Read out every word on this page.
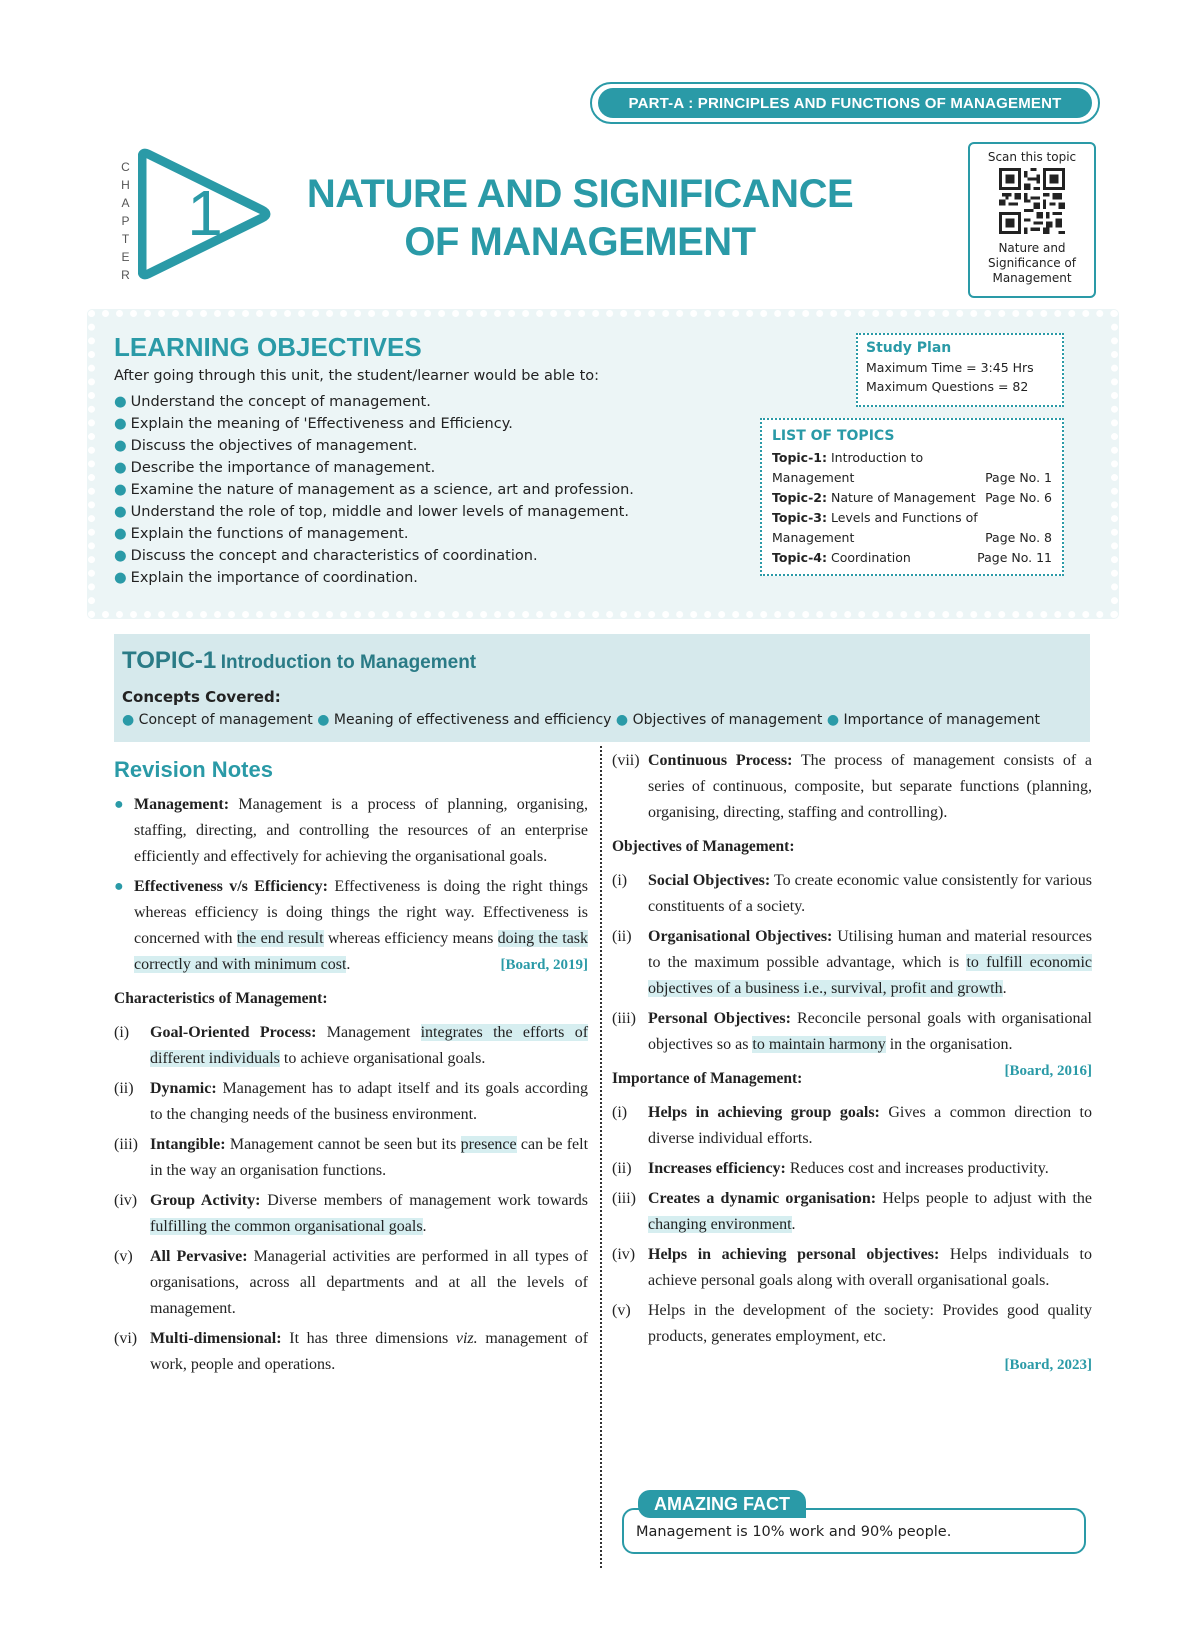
PART-A : PRINCIPLES AND FUNCTIONS OF MANAGEMENT
C
H
A
P
T
E
R
1	NATURE AND SIGNIFICANCE
OF MANAGEMENT
Scan this topic
Nature and
Significance of
Management
LEARNING OBJECTIVES
After going through this unit, the student/learner would be able to:
● Understand the concept of management.
● Explain the meaning of 'Effectiveness and Efficiency.
● Discuss the objectives of management.
● Describe the importance of management.
● Examine the nature of management as a science, art and profession.
● Understand the role of top, middle and lower levels of management.
● Explain the functions of management.
● Discuss the concept and characteristics of coordination.
● Explain the importance of coordination.
Study Plan
Maximum Time = 3:45 Hrs
Maximum Questions = 82
LIST OF TOPICS
Topic-1: Introduction to
Management	Page No. 1
Topic-2: Nature of Management Page No. 6
Topic-3: Levels and Functions of
Management	Page No. 8
Topic-4: Coordination	Page No. 11
TOPIC-1 Introduction to Management
Concepts Covered:
● Concept of management ● Meaning of effectiveness and efficiency ● Objectives of management ● Importance of management
Revision Notes
● Management: Management is a process of planning, organising, staffing, directing, and controlling the resources of an enterprise efficiently and effectively for achieving the organisational goals.
● Effectiveness v/s Efficiency: Effectiveness is doing the right things whereas efficiency is doing things the right way. Effectiveness is concerned with the end result whereas efficiency means doing the task correctly and with minimum cost.	[Board, 2019]
Characteristics of Management:
(i) Goal-Oriented Process: Management integrates the efforts of different individuals to achieve organisational goals.
(ii) Dynamic: Management has to adapt itself and its goals according to the changing needs of the business environment.
(iii) Intangible: Management cannot be seen but its presence can be felt in the way an organisation functions.
(iv) Group Activity: Diverse members of management work towards fulfilling the common organisational goals.
(v) All Pervasive: Managerial activities are performed in all types of organisations, across all departments and at all the levels of management.
(vi) Multi-dimensional: It has three dimensions viz. management of work, people and operations.
(vii) Continuous Process: The process of management consists of a series of continuous, composite, but separate functions (planning, organising, directing, staffing and controlling).
Objectives of Management:
(i) Social Objectives: To create economic value consistently for various constituents of a society.
(ii) Organisational Objectives: Utilising human and material resources to the maximum possible advantage, which is to fulfill economic objectives of a business i.e., survival, profit and growth.
(iii) Personal Objectives: Reconcile personal goals with organisational objectives so as to maintain harmony in the organisation.
[Board, 2016]
Importance of Management:
(i) Helps in achieving group goals: Gives a common direction to diverse individual efforts.
(ii) Increases efficiency: Reduces cost and increases productivity.
(iii) Creates a dynamic organisation: Helps people to adjust with the changing environment.
(iv) Helps in achieving personal objectives: Helps individuals to achieve personal goals along with overall organisational goals.
(v) Helps in the development of the society: Provides good quality products, generates employment, etc.
[Board, 2023]
Management is 10% work and 90% people.
AMAZING FACT
